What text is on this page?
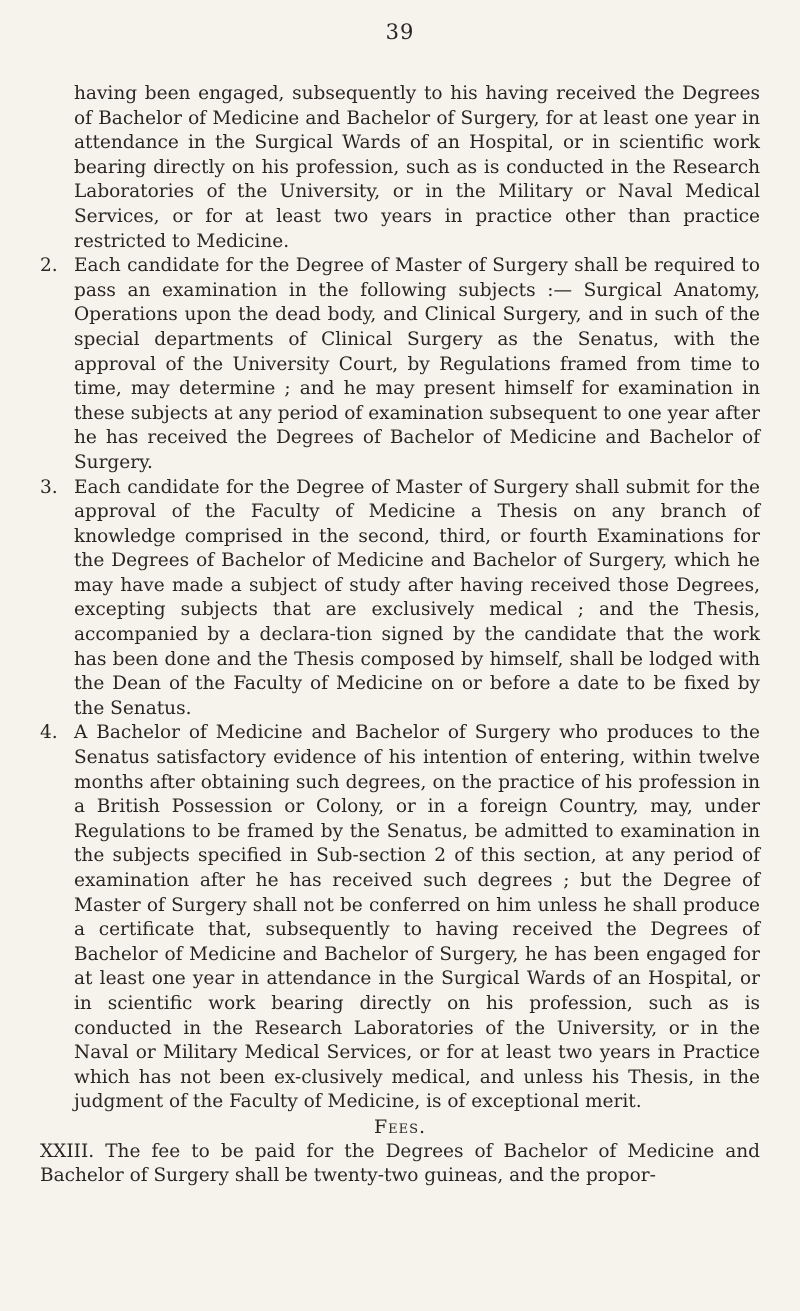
39

having been engaged, subsequently to his having received the Degrees of Bachelor of Medicine and Bachelor of Surgery, for at least one year in attendance in the Surgical Wards of an Hospital, or in scientific work bearing directly on his profession, such as is conducted in the Research Laboratories of the University, or in the Military or Naval Medical Services, or for at least two years in practice other than practice restricted to Medicine.

2. Each candidate for the Degree of Master of Surgery shall be required to pass an examination in the following subjects :— Surgical Anatomy, Operations upon the dead body, and Clinical Surgery, and in such of the special departments of Clinical Surgery as the Senatus, with the approval of the University Court, by Regulations framed from time to time, may determine ; and he may present himself for examination in these subjects at any period of examination subsequent to one year after he has received the Degrees of Bachelor of Medicine and Bachelor of Surgery.

3. Each candidate for the Degree of Master of Surgery shall submit for the approval of the Faculty of Medicine a Thesis on any branch of knowledge comprised in the second, third, or fourth Examinations for the Degrees of Bachelor of Medicine and Bachelor of Surgery, which he may have made a subject of study after having received those Degrees, excepting subjects that are exclusively medical ; and the Thesis, accompanied by a declara-tion signed by the candidate that the work has been done and the Thesis composed by himself, shall be lodged with the Dean of the Faculty of Medicine on or before a date to be fixed by the Senatus.

4. A Bachelor of Medicine and Bachelor of Surgery who produces to the Senatus satisfactory evidence of his intention of entering, within twelve months after obtaining such degrees, on the practice of his profession in a British Possession or Colony, or in a foreign Country, may, under Regulations to be framed by the Senatus, be admitted to examination in the subjects specified in Sub-section 2 of this section, at any period of examination after he has received such degrees ; but the Degree of Master of Surgery shall not be conferred on him unless he shall produce a certificate that, subsequently to having received the Degrees of Bachelor of Medicine and Bachelor of Surgery, he has been engaged for at least one year in attendance in the Surgical Wards of an Hospital, or in scientific work bearing directly on his profession, such as is conducted in the Research Laboratories of the University, or in the Naval or Military Medical Services, or for at least two years in Practice which has not been ex-clusively medical, and unless his Thesis, in the judgment of the Faculty of Medicine, is of exceptional merit.

Fees.

XXIII. The fee to be paid for the Degrees of Bachelor of Medicine and Bachelor of Surgery shall be twenty-two guineas, and the propor-
